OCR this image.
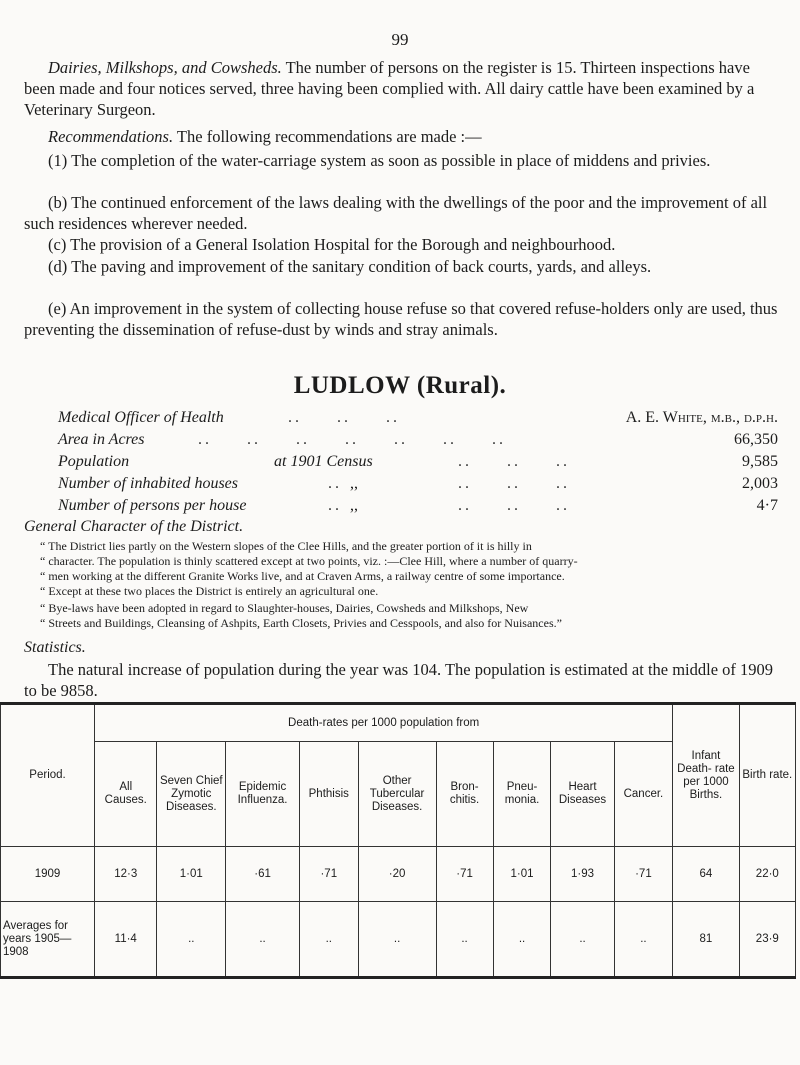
99

Dairies, Milkshops, and Cowsheds. The number of persons on the register is 15. Thirteen inspections have been made and four notices served, three having been complied with. All dairy cattle have been examined by a Veterinary Surgeon.

Recommendations. The following recommendations are made :—

(1) The completion of the water-carriage system as soon as possible in place of middens and privies.

(b) The continued enforcement of the laws dealing with the dwellings of the poor and the improvement of all such residences wherever needed.

(c) The provision of a General Isolation Hospital for the Borough and neighbourhood.

(d) The paving and improvement of the sanitary condition of back courts, yards, and alleys.

(e) An improvement in the system of collecting house refuse so that covered refuse-holders only are used, thus preventing the dissemination of refuse-dust by winds and stray animals.

LUDLOW (Rural).
Medical Officer of Health	..     ..     ..	A. E. White, m.b., d.p.h.
Area in Acres	..     ..     ..     ..     ..     ..     ..	66,350
Population	at 1901 Census	..     ..     ..	9,585
Number of inhabited houses	.. ,,	..     ..     ..	2,003
Number of persons per house	.. ,,	..     ..     ..	4·7
General Character of the District.

“ The District lies partly on the Western slopes of the Clee Hills, and the greater portion of it is hilly in
“ character. The population is thinly scattered except at two points, viz. :—Clee Hill, where a number of quarry-
“ men working at the different Granite Works live, and at Craven Arms, a railway centre of some importance.
“ Except at these two places the District is entirely an agricultural one.

“ Bye-laws have been adopted in regard to Slaughter-houses, Dairies, Cowsheds and Milkshops, New
“ Streets and Buildings, Cleansing of Ashpits, Earth Closets, Privies and Cesspools, and also for Nuisances.”

Statistics.

The natural increase of population during the year was 104. The population is estimated at the middle of 1909 to be 9858.

Period.	Death-rates per 1000 population from									Infant Death- rate per 1000 Births.	Birth rate.
	All Causes.	Seven Chief Zymotic Diseases.	Epidemic Influenza.	Phthisis	Other Tubercular Diseases.	Bron- chitis.	Pneu- monia.	Heart Diseases	Cancer.		
1909	12·3	1·01	·61	·71	·20	·71	1·01	1·93	·71	64	22·0
Averages for years 1905—1908	11·4	..	..	..	..	..	..	..	..	81	23·9
